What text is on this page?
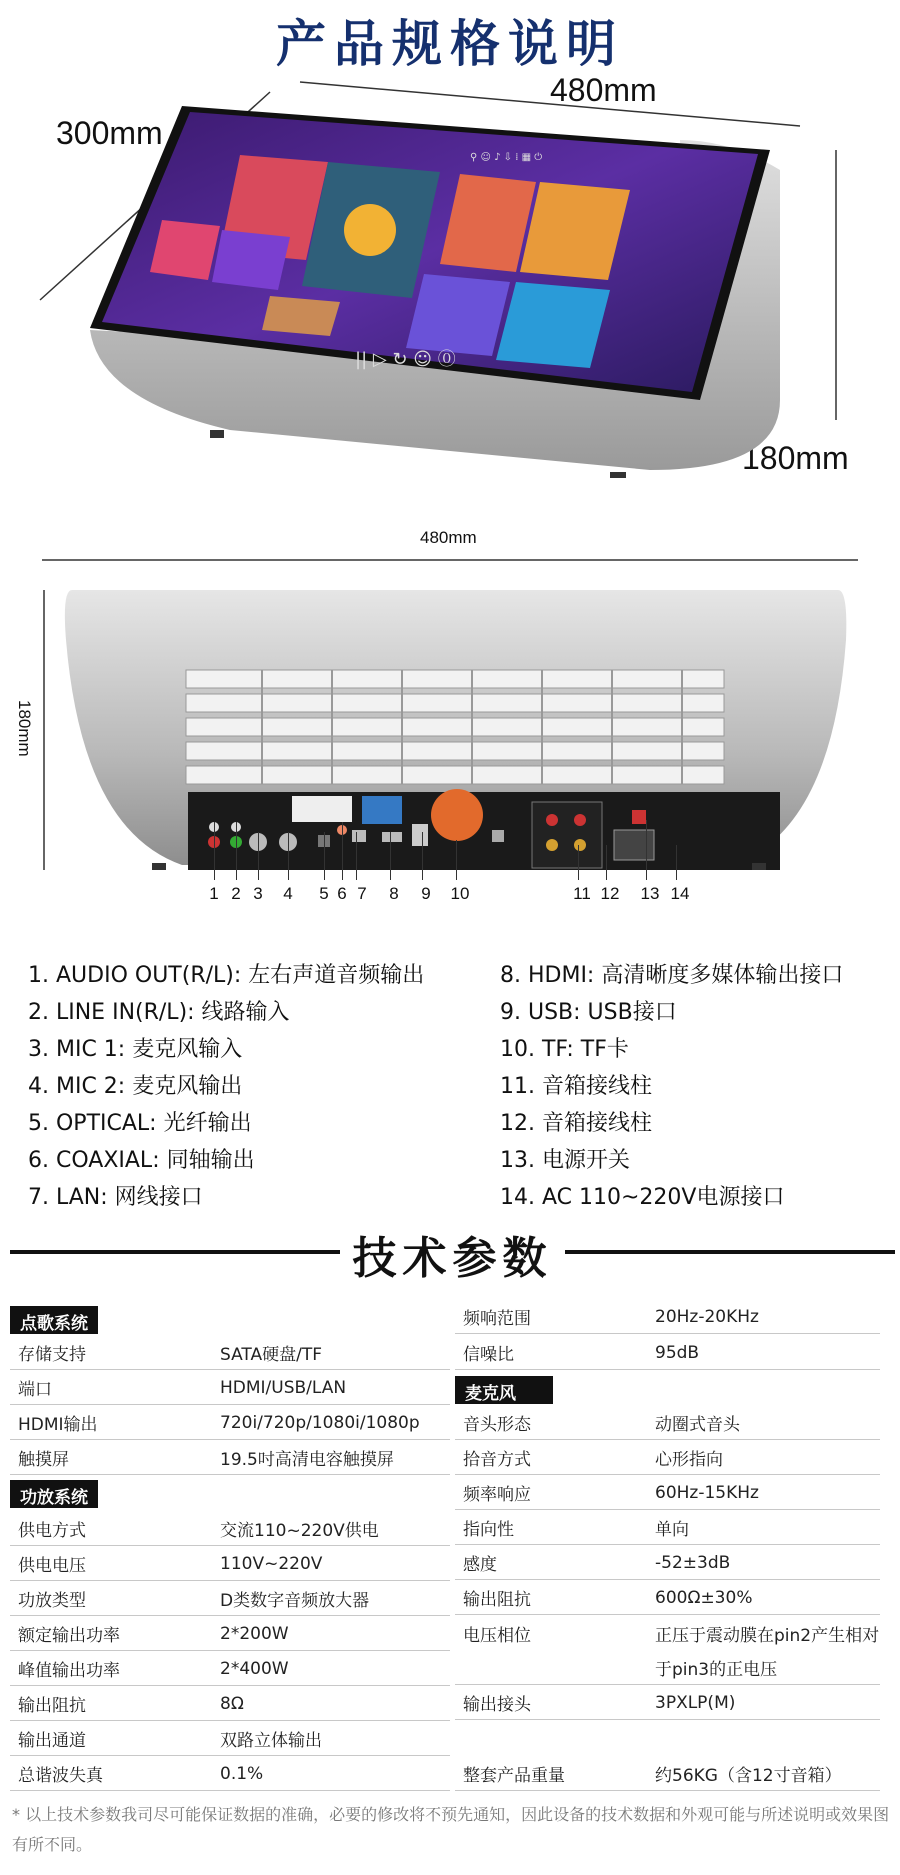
产品规格说明
480mm
300mm
180mm
⚲ ☺ ♪ ⇩ ⁞ ▦ ⏻
|| ▷ ↻ ☺ ⓪
480mm
180mm
1 2 3	4	5 6 7	8	9	10	11 12 13 14
1. AUDIO OUT(R/L): 左右声道音频输出
2. LINE IN(R/L): 线路输入
3. MIC 1: 麦克风输入
4. MIC 2: 麦克风输出
5. OPTICAL: 光纤输出
6. COAXIAL: 同轴输出
7. LAN: 网线接口
8. HDMI: 高清晰度多媒体输出接口
9. USB: USB接口
10. TF: TF卡
11. 音箱接线柱
12. 音箱接线柱
13. 电源开关
14. AC 110~220V电源接口
技术参数
点歌系统
存储支持	SATA硬盘/TF
端口	HDMI/USB/LAN
HDMI输出	720i/720p/1080i/1080p
触摸屏	19.5吋高清电容触摸屏
功放系统
供电方式	交流110~220V供电
供电电压	110V~220V
功放类型	D类数字音频放大器
额定输出功率	2*200W
峰值输出功率	2*400W
输出阻抗	8Ω
输出通道	双路立体输出
总谐波失真	0.1%
频响范围	20Hz-20KHz
信噪比	95dB
麦克风
音头形态	动圈式音头
拾音方式	心形指向
频率响应	60Hz-15KHz
指向性	单向
感度	-52±3dB
输出阻抗	600Ω±30%
电压相位	正压于震动膜在pin2产生相对
于pin3的正电压
输出接头	3PXLP(M)
整套产品重量	约56KG（含12寸音箱）
* 以上技术参数我司尽可能保证数据的准确，必要的修改将不预先通知，因此设备的技术数据和外观可能与所述说明或效果图有所不同。
